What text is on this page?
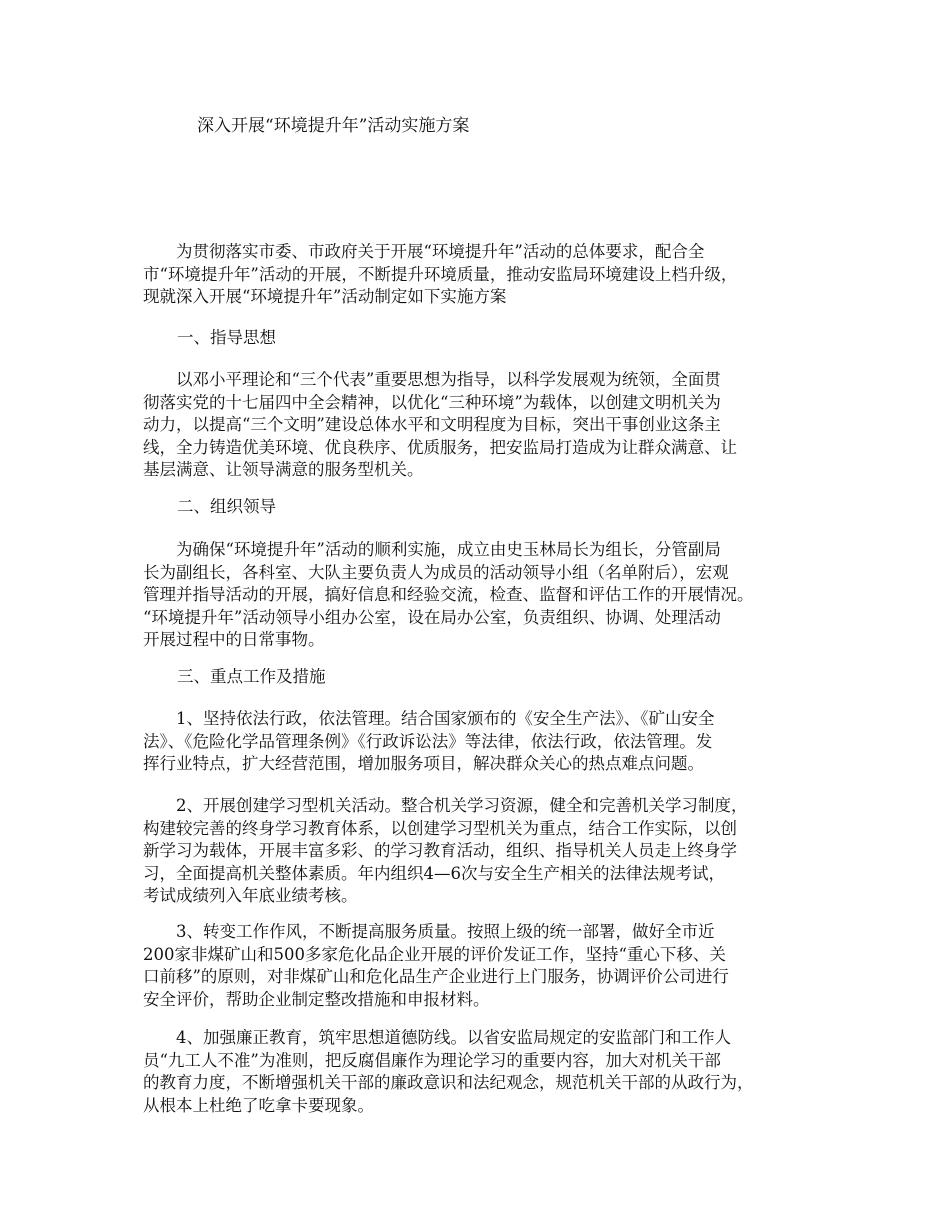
深入开展“环境提升年”活动实施方案

　　为贯彻落实市委、市政府关于开展“环境提升年”活动的总体要求，配合全
市“环境提升年”活动的开展，不断提升环境质量，推动安监局环境建设上档升级，
现就深入开展“环境提升年”活动制定如下实施方案

一、指导思想

　　以邓小平理论和“三个代表”重要思想为指导，以科学发展观为统领，全面贯
彻落实党的十七届四中全会精神，以优化“三种环境”为载体，以创建文明机关为
动力，以提高“三个文明”建设总体水平和文明程度为目标，突出干事创业这条主
线，全力铸造优美环境、优良秩序、优质服务，把安监局打造成为让群众满意、让
基层满意、让领导满意的服务型机关。

二、组织领导

　　为确保“环境提升年”活动的顺利实施，成立由史玉林局长为组长，分管副局
长为副组长，各科室、大队主要负责人为成员的活动领导小组（名单附后），宏观
管理并指导活动的开展，搞好信息和经验交流，检查、监督和评估工作的开展情况。
“环境提升年”活动领导小组办公室，设在局办公室，负责组织、协调、处理活动
开展过程中的日常事物。

三、重点工作及措施

　　1、坚持依法行政，依法管理。结合国家颁布的《安全生产法》、《矿山安全
法》、《危险化学品管理条例》《行政诉讼法》等法律，依法行政，依法管理。发
挥行业特点，扩大经营范围，增加服务项目，解决群众关心的热点难点问题。

　　2、开展创建学习型机关活动。整合机关学习资源，健全和完善机关学习制度，
构建较完善的终身学习教育体系，以创建学习型机关为重点，结合工作实际，以创
新学习为载体，开展丰富多彩、的学习教育活动，组织、指导机关人员走上终身学
习，全面提高机关整体素质。年内组织4—6次与安全生产相关的法律法规考试，
考试成绩列入年底业绩考核。

　　3、转变工作作风，不断提高服务质量。按照上级的统一部署，做好全市近
200家非煤矿山和500多家危化品企业开展的评价发证工作，坚持“重心下移、关
口前移”的原则，对非煤矿山和危化品生产企业进行上门服务，协调评价公司进行
安全评价，帮助企业制定整改措施和申报材料。

　　4、加强廉正教育，筑牢思想道德防线。以省安监局规定的安监部门和工作人
员“九工人不准”为准则，把反腐倡廉作为理论学习的重要内容，加大对机关干部
的教育力度，不断增强机关干部的廉政意识和法纪观念，规范机关干部的从政行为，
从根本上杜绝了吃拿卡要现象。
